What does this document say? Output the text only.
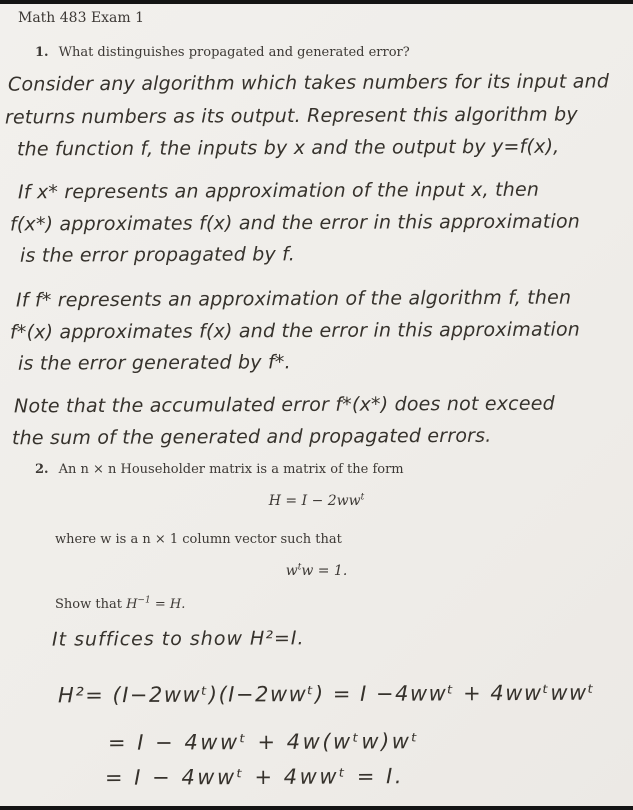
Math 483 Exam 1
1. What distinguishes propagated and generated error?
Consider any algorithm which takes numbers for its input and
returns numbers as its output. Represent this algorithm by
the function f, the inputs by x and the output by y=f(x),
If x* represents an approximation of the input x, then
f(x*) approximates f(x) and the error in this approximation
is the error propagated by f.
If f* represents an approximation of the algorithm f, then
f*(x) approximates f(x) and the error in this approximation
is the error generated by f*.
Note that the accumulated error f*(x*) does not exceed
the sum of the generated and propagated errors.
2. An n × n Householder matrix is a matrix of the form
$H = I - 2ww^t$
where w is a n × 1 column vector such that
$w^tw = 1$.
Show that $H^{-1} = H$.
It suffices to show H²=I.
H²= (I−2wwᵗ)(I−2wwᵗ) = I −4wwᵗ + 4wwᵗwwᵗ
= I − 4wwᵗ + 4w(wᵗw)wᵗ
= I − 4wwᵗ + 4wwᵗ = I.
